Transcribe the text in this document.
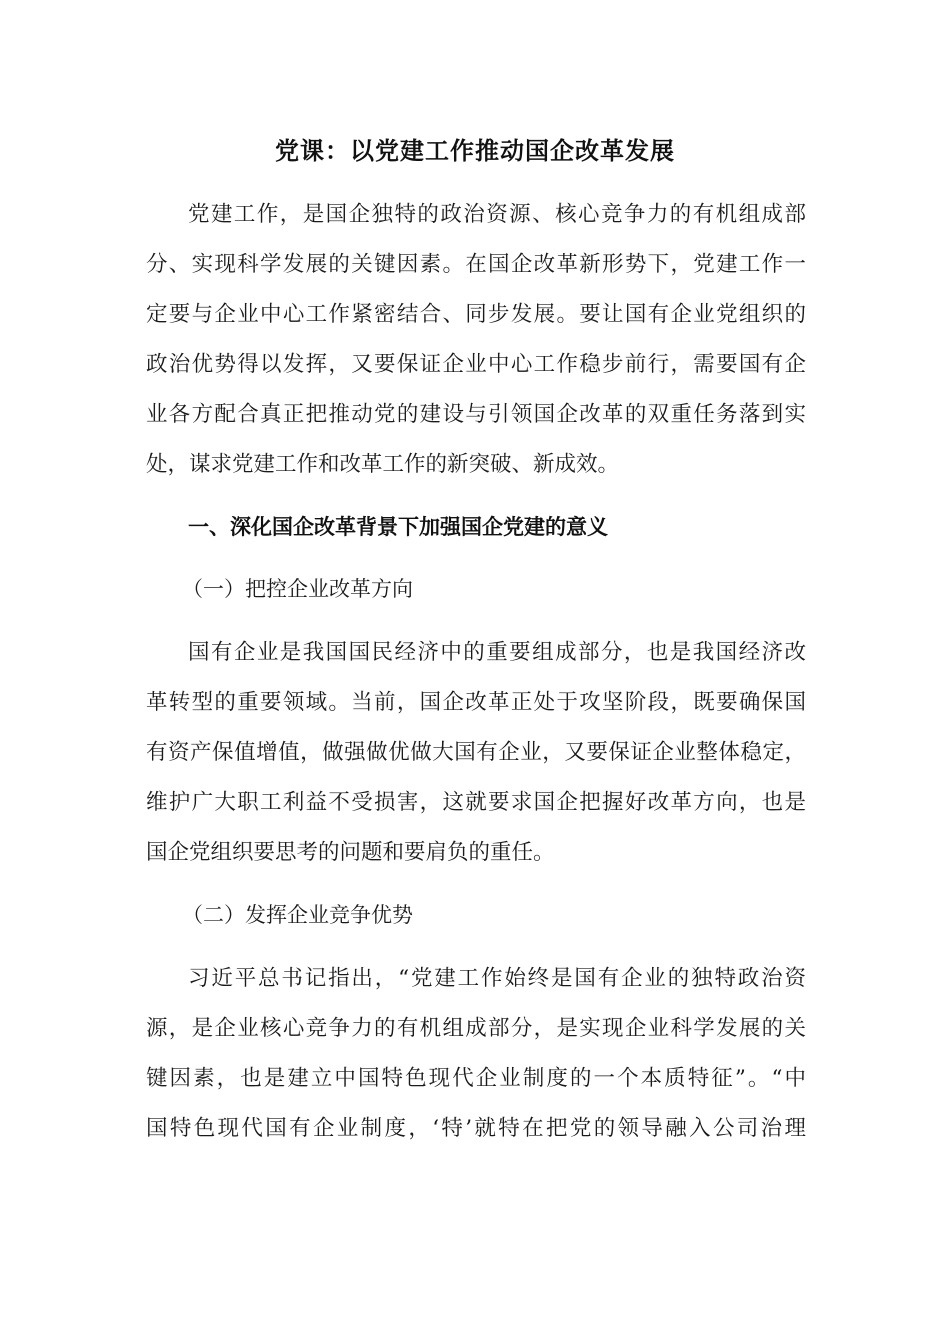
党课：以党建工作推动国企改革发展
党建工作，是国企独特的政治资源、核心竞争力的有机组成部
分、实现科学发展的关键因素。在国企改革新形势下，党建工作一
定要与企业中心工作紧密结合、同步发展。要让国有企业党组织的
政治优势得以发挥，又要保证企业中心工作稳步前行，需要国有企
业各方配合真正把推动党的建设与引领国企改革的双重任务落到实
处，谋求党建工作和改革工作的新突破、新成效。
一、深化国企改革背景下加强国企党建的意义
（一）把控企业改革方向
国有企业是我国国民经济中的重要组成部分，也是我国经济改
革转型的重要领域。当前，国企改革正处于攻坚阶段，既要确保国
有资产保值增值，做强做优做大国有企业，又要保证企业整体稳定，
维护广大职工利益不受损害，这就要求国企把握好改革方向，也是
国企党组织要思考的问题和要肩负的重任。
（二）发挥企业竞争优势
习近平总书记指出，“党建工作始终是国有企业的独特政治资
源，是企业核心竞争力的有机组成部分，是实现企业科学发展的关
键因素，也是建立中国特色现代企业制度的一个本质特征”。“中
国特色现代国有企业制度，‘特’就特在把党的领导融入公司治理
